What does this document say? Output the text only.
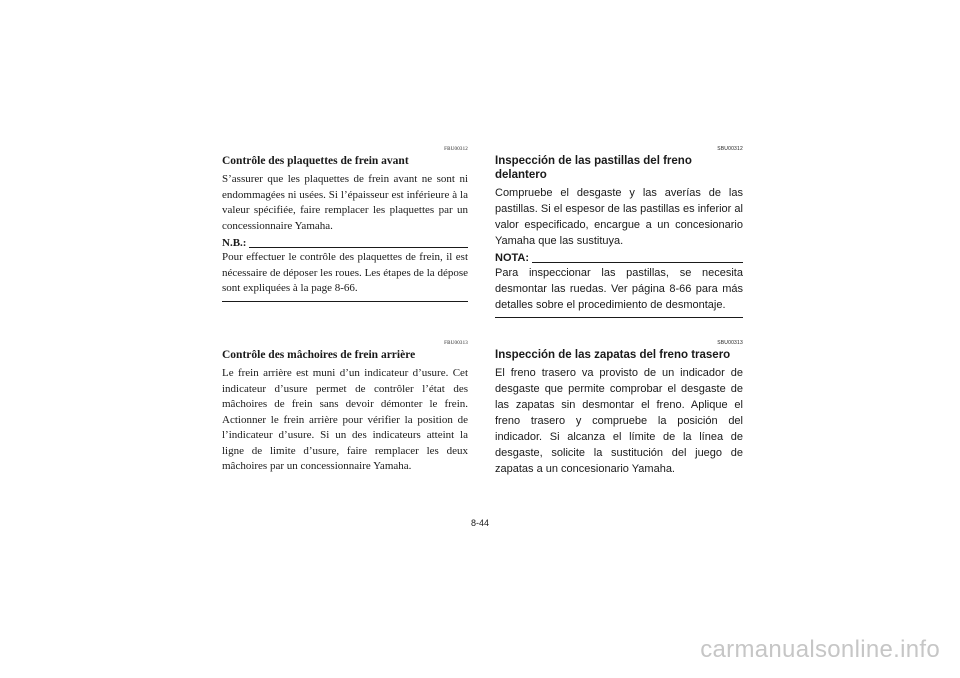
FBU00312
Contrôle des plaquettes de frein avant

S’assurer que les plaquettes de frein avant ne sont ni endommagées ni usées. Si l’épaisseur est inférieure à la valeur spécifiée, faire remplacer les plaquettes par un concessionnaire Yamaha.

N.B.:

Pour effectuer le contrôle des plaquettes de frein, il est nécessaire de déposer les roues. Les étapes de la dépose sont expliquées à la page 8-66.

SBU00312
Inspección de las pastillas del freno delantero

Compruebe el desgaste y las averías de las pastillas. Si el espesor de las pastillas es inferior al valor especificado, encargue a un concesionario Yamaha que las sustituya.

NOTA:

Para inspeccionar las pastillas, se necesita desmontar las ruedas. Ver página 8-66 para más detalles sobre el procedimiento de desmontaje.

FBU00313
Contrôle des mâchoires de frein arrière

Le frein arrière est muni d’un indicateur d’usure. Cet indicateur d’usure permet de contrôler l’état des mâchoires de frein sans devoir démonter le frein. Actionner le frein arrière pour vérifier la position de l’indicateur d’usure. Si un des indicateurs atteint la ligne de limite d’usure, faire remplacer les deux mâchoires par un concessionnaire Yamaha.

SBU00313
Inspección de las zapatas del freno trasero

El freno trasero va provisto de un indicador de desgaste que permite comprobar el desgaste de las zapatas sin desmontar el freno. Aplique el freno trasero y compruebe la posición del indicador. Si alcanza el límite de la línea de desgaste, solicite la sustitución del juego de zapatas a un concesionario Yamaha.

8-44
carmanualsonline.info
